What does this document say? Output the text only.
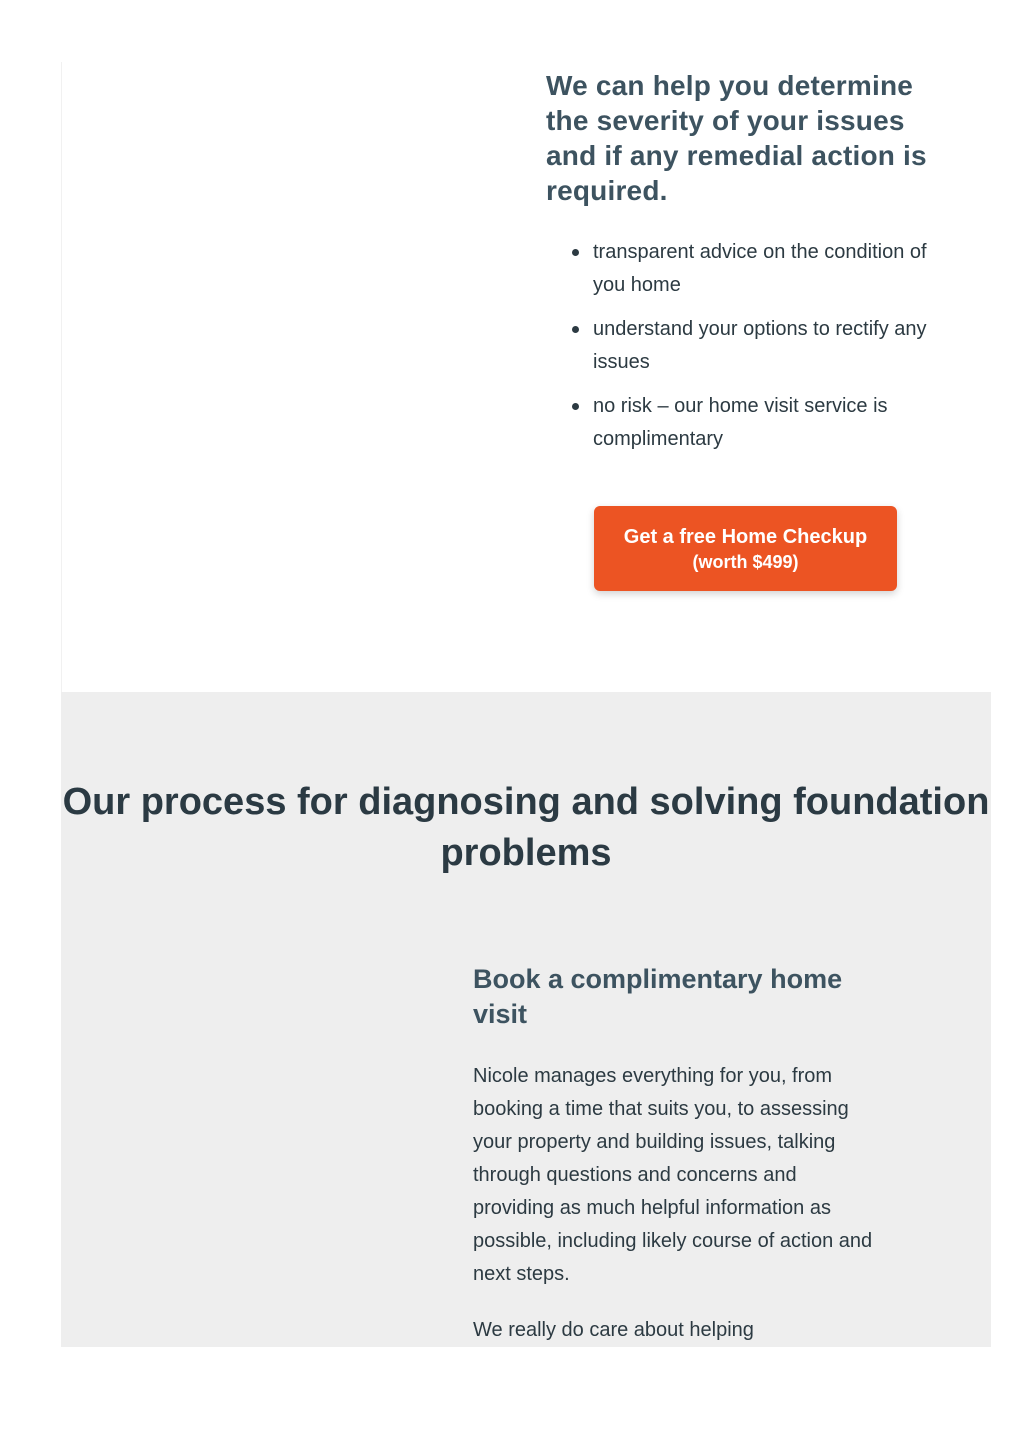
We can help you determine the severity of your issues and if any remedial action is required.
transparent advice on the condition of you home
understand your options to rectify any issues
no risk – our home visit service is complimentary
Get a free Home Checkup
(worth $499)
Our process for diagnosing and solving foundation problems
Book a complimentary home visit

Nicole manages everything for you, from booking a time that suits you, to assessing your property and building issues, talking through questions and concerns and providing as much helpful information as possible, including likely course of action and next steps.

We really do care about helping
